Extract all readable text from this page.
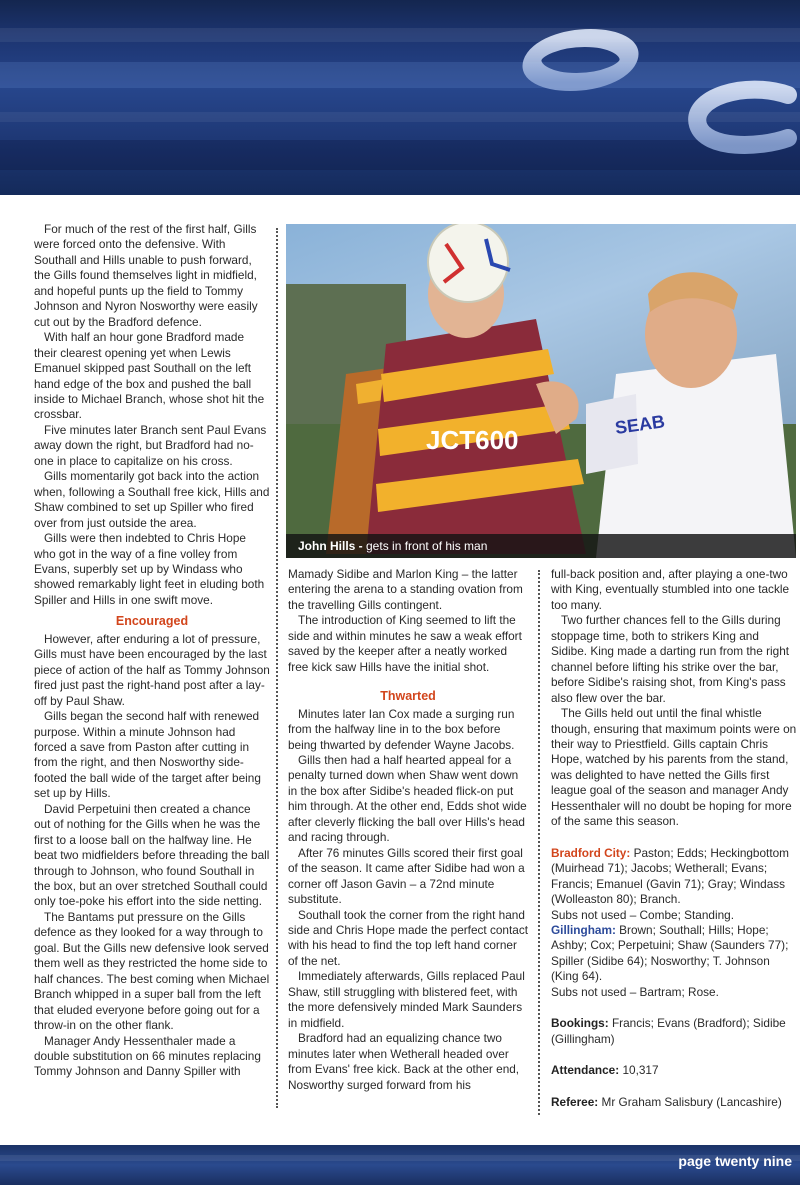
JCT600
SEAB
John Hills - gets in front of his man

For much of the rest of the first half, Gills were forced onto the defensive. With Southall and Hills unable to push forward, the Gills found themselves light in midfield, and hopeful punts up the field to Tommy Johnson and Nyron Nosworthy were easily cut out by the Bradford defence.

With half an hour gone Bradford made their clearest opening yet when Lewis Emanuel skipped past Southall on the left hand edge of the box and pushed the ball inside to Michael Branch, whose shot hit the crossbar.

Five minutes later Branch sent Paul Evans away down the right, but Bradford had no-one in place to capitalize on his cross.

Gills momentarily got back into the action when, following a Southall free kick, Hills and Shaw combined to set up Spiller who fired over from just outside the area.

Gills were then indebted to Chris Hope who got in the way of a fine volley from Evans, superbly set up by Windass who showed remarkably light feet in eluding both Spiller and Hills in one swift move.

Encouraged

However, after enduring a lot of pressure, Gills must have been encouraged by the last piece of action of the half as Tommy Johnson fired just past the right-hand post after a lay-off by Paul Shaw.

Gills began the second half with renewed purpose. Within a minute Johnson had forced a save from Paston after cutting in from the right, and then Nosworthy side-footed the ball wide of the target after being set up by Hills.

David Perpetuini then created a chance out of nothing for the Gills when he was the first to a loose ball on the halfway line. He beat two midfielders before threading the ball through to Johnson, who found Southall in the box, but an over stretched Southall could only toe-poke his effort into the side netting.

The Bantams put pressure on the Gills defence as they looked for a way through to goal. But the Gills new defensive look served them well as they restricted the home side to half chances. The best coming when Michael Branch whipped in a super ball from the left that eluded everyone before going out for a throw-in on the other flank.

Manager Andy Hessenthaler made a double substitution on 66 minutes replacing Tommy Johnson and Danny Spiller with

Mamady Sidibe and Marlon King – the latter entering the arena to a standing ovation from the travelling Gills contingent.

The introduction of King seemed to lift the side and within minutes he saw a weak effort saved by the keeper after a neatly worked free kick saw Hills have the initial shot.

Thwarted

Minutes later Ian Cox made a surging run from the halfway line in to the box before being thwarted by defender Wayne Jacobs.

Gills then had a half hearted appeal for a penalty turned down when Shaw went down in the box after Sidibe's headed flick-on put him through. At the other end, Edds shot wide after cleverly flicking the ball over Hills's head and racing through.

After 76 minutes Gills scored their first goal of the season. It came after Sidibe had won a corner off Jason Gavin – a 72nd minute substitute.

Southall took the corner from the right hand side and Chris Hope made the perfect contact with his head to find the top left hand corner of the net.

Immediately afterwards, Gills replaced Paul Shaw, still struggling with blistered feet, with the more defensively minded Mark Saunders in midfield.

Bradford had an equalizing chance two minutes later when Wetherall headed over from Evans' free kick. Back at the other end, Nosworthy surged forward from his

full-back position and, after playing a one-two with King, eventually stumbled into one tackle too many.

Two further chances fell to the Gills during stoppage time, both to strikers King and Sidibe. King made a darting run from the right channel before lifting his strike over the bar, before Sidibe's raising shot, from King's pass also flew over the bar.

The Gills held out until the final whistle though, ensuring that maximum points were on their way to Priestfield. Gills captain Chris Hope, watched by his parents from the stand, was delighted to have netted the Gills first league goal of the season and manager Andy Hessenthaler will no doubt be hoping for more of the same this season.

Bradford City: Paston; Edds; Heckingbottom (Muirhead 71); Jacobs; Wetherall; Evans; Francis; Emanuel (Gavin 71); Gray; Windass (Wolleaston 80); Branch.

Subs not used – Combe; Standing.

Gillingham: Brown; Southall; Hills; Hope; Ashby; Cox; Perpetuini; Shaw (Saunders 77); Spiller (Sidibe 64); Nosworthy; T. Johnson (King 64).

Subs not used – Bartram; Rose.

Bookings: Francis; Evans (Bradford); Sidibe (Gillingham)

Attendance: 10,317

Referee: Mr Graham Salisbury (Lancashire)

page twenty nine
